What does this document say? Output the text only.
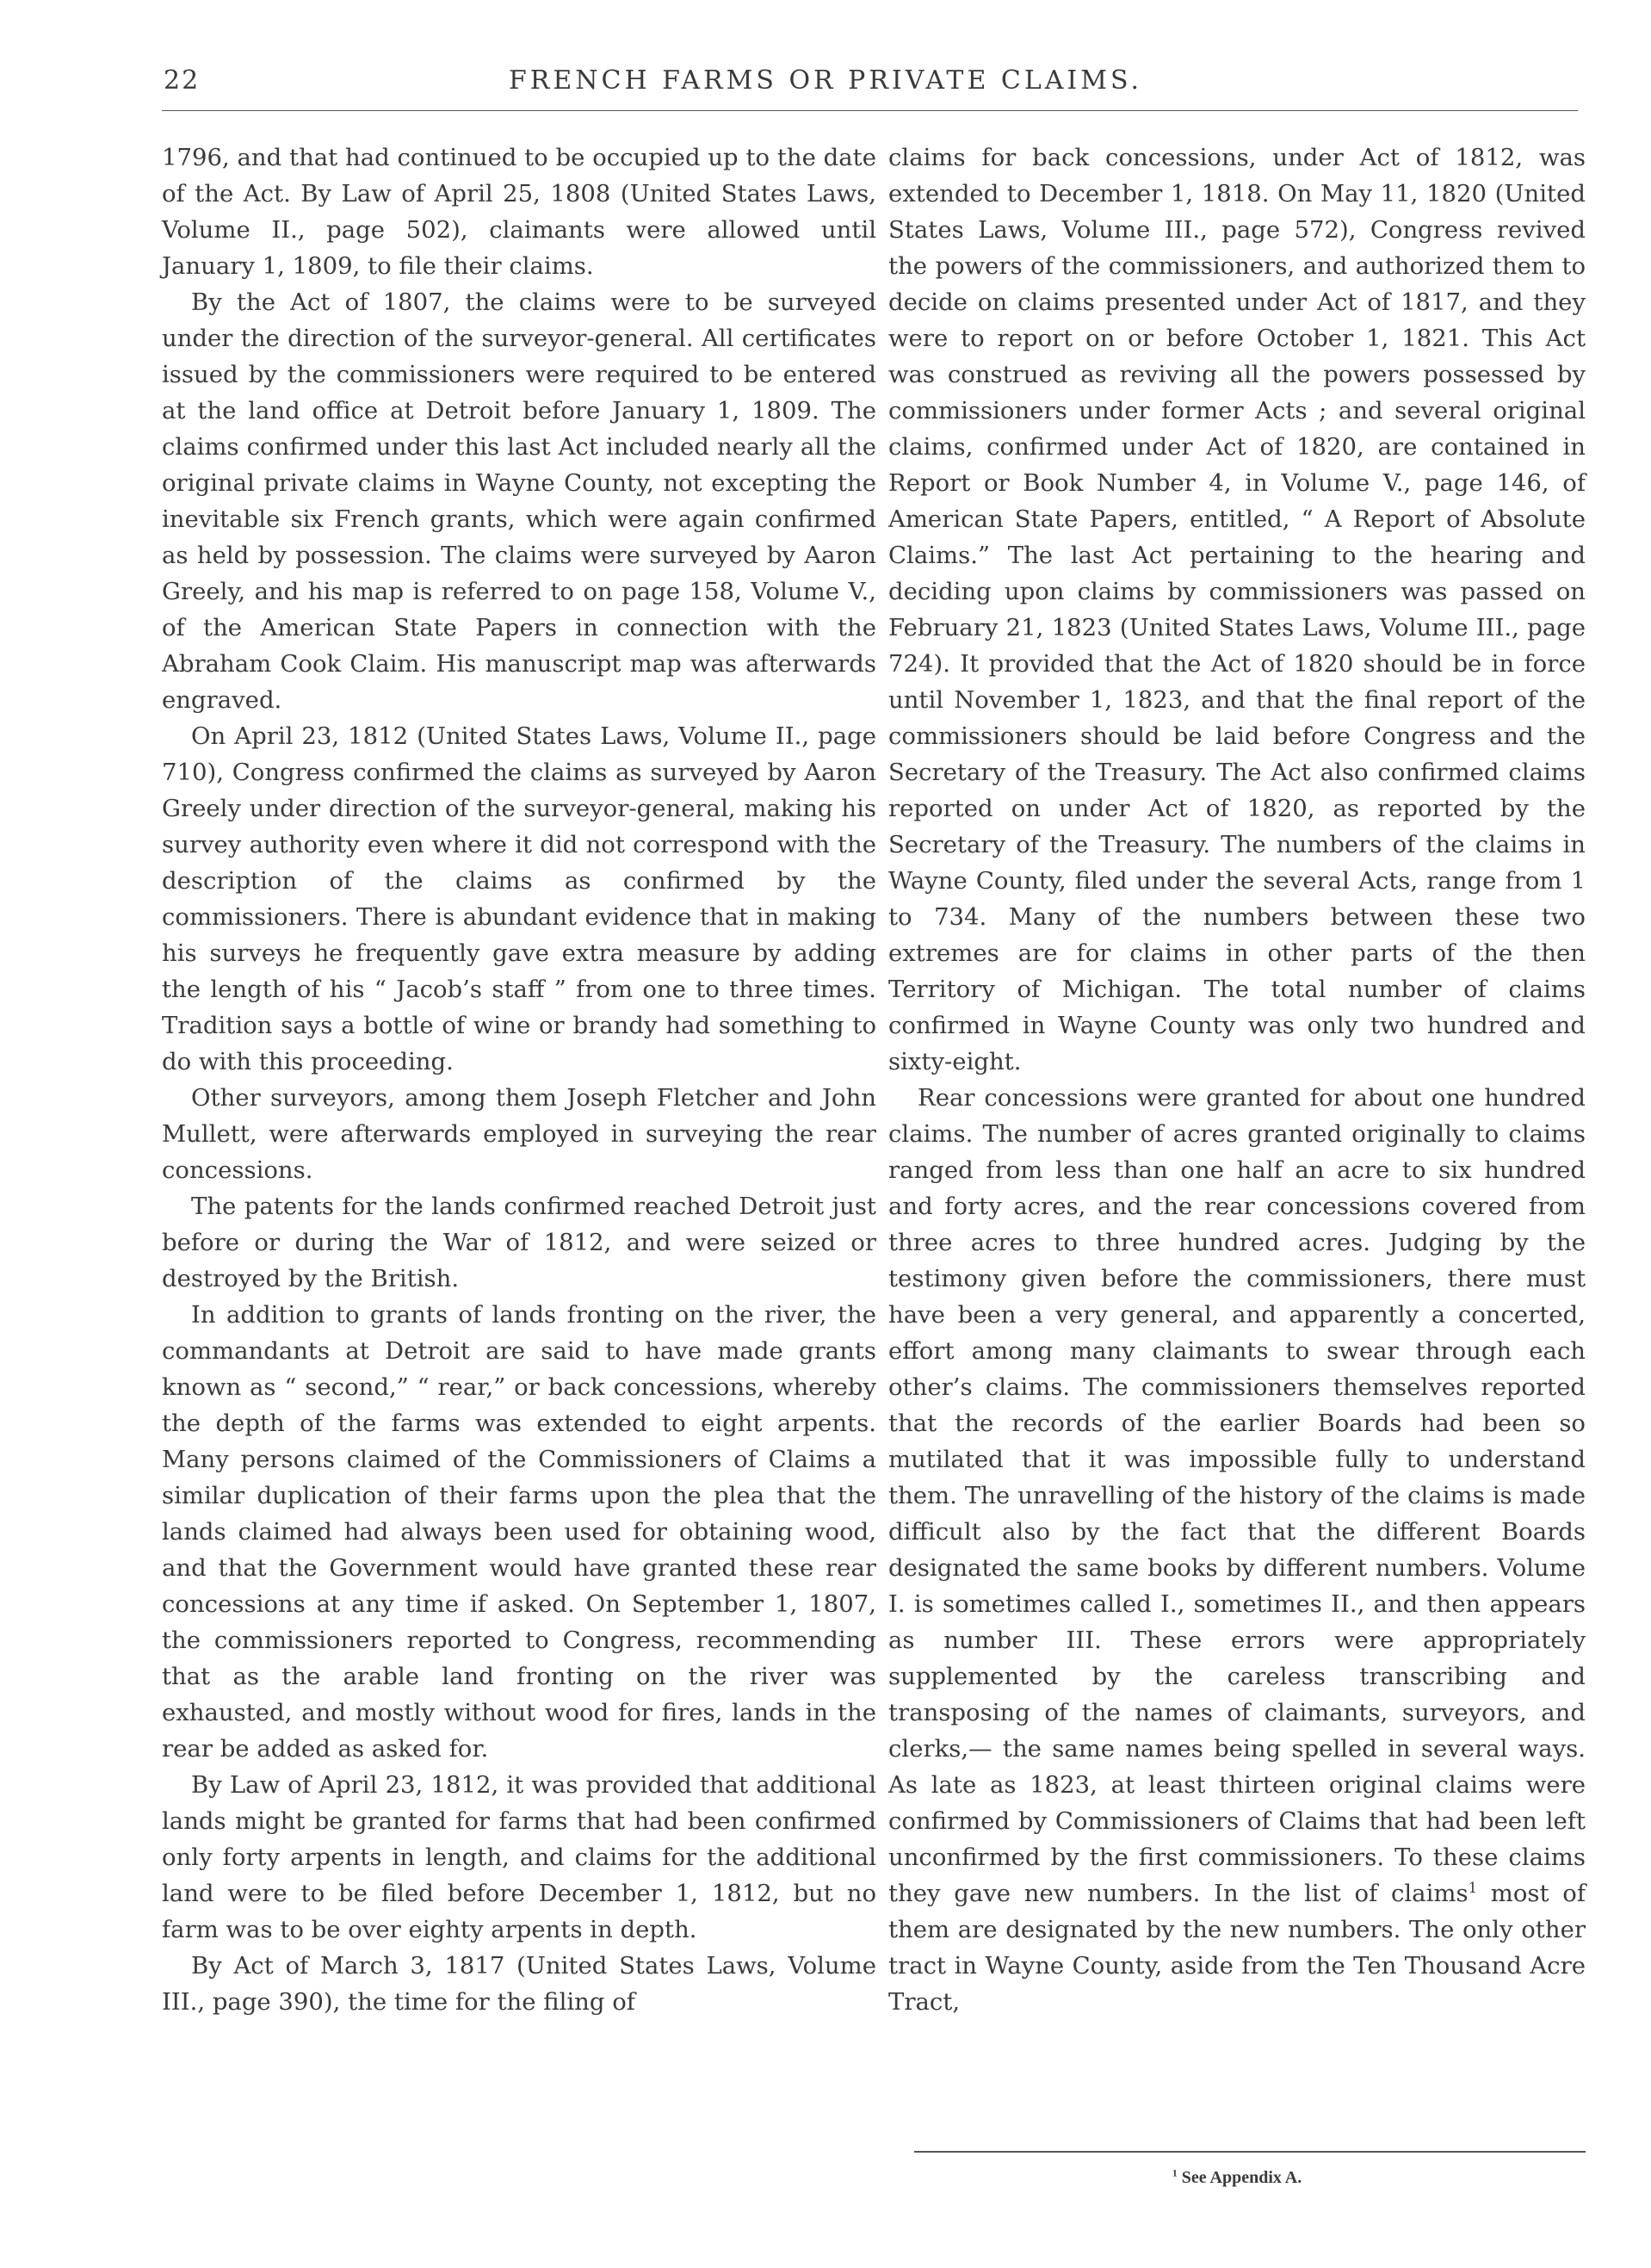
22	FRENCH FARMS OR PRIVATE CLAIMS.

1796, and that had continued to be occupied up to the date of the Act. By Law of April 25, 1808 (United States Laws, Volume II., page 502), claimants were allowed until January 1, 1809, to file their claims.

By the Act of 1807, the claims were to be surveyed under the direction of the surveyor-general. All certificates issued by the commissioners were required to be entered at the land office at Detroit before January 1, 1809. The claims confirmed under this last Act included nearly all the original private claims in Wayne County, not excepting the inevitable six French grants, which were again confirmed as held by possession. The claims were surveyed by Aaron Greely, and his map is referred to on page 158, Volume V., of the American State Papers in connection with the Abraham Cook Claim. His manuscript map was afterwards engraved.

On April 23, 1812 (United States Laws, Volume II., page 710), Congress confirmed the claims as surveyed by Aaron Greely under direction of the surveyor-general, making his survey authority even where it did not correspond with the description of the claims as confirmed by the commissioners. There is abundant evidence that in making his surveys he frequently gave extra measure by adding the length of his “ Jacob’s staff ” from one to three times. Tradition says a bottle of wine or brandy had something to do with this proceeding.

Other surveyors, among them Joseph Fletcher and John Mullett, were afterwards employed in surveying the rear concessions.

The patents for the lands confirmed reached Detroit just before or during the War of 1812, and were seized or destroyed by the British.

In addition to grants of lands fronting on the river, the commandants at Detroit are said to have made grants known as “ second,” “ rear,” or back concessions, whereby the depth of the farms was extended to eight arpents. Many persons claimed of the Commissioners of Claims a similar duplication of their farms upon the plea that the lands claimed had always been used for obtaining wood, and that the Government would have granted these rear concessions at any time if asked. On September 1, 1807, the commissioners reported to Congress, recommending that as the arable land fronting on the river was exhausted, and mostly without wood for fires, lands in the rear be added as asked for.

By Law of April 23, 1812, it was provided that additional lands might be granted for farms that had been confirmed only forty arpents in length, and claims for the additional land were to be filed before December 1, 1812, but no farm was to be over eighty arpents in depth.

By Act of March 3, 1817 (United States Laws, Volume III., page 390), the time for the filing of

claims for back concessions, under Act of 1812, was extended to December 1, 1818. On May 11, 1820 (United States Laws, Volume III., page 572), Congress revived the powers of the commissioners, and authorized them to decide on claims presented under Act of 1817, and they were to report on or before October 1, 1821. This Act was construed as reviving all the powers possessed by commissioners under former Acts ; and several original claims, confirmed under Act of 1820, are contained in Report or Book Number 4, in Volume V., page 146, of American State Papers, entitled, “ A Report of Absolute Claims.” The last Act pertaining to the hearing and deciding upon claims by commissioners was passed on February 21, 1823 (United States Laws, Volume III., page 724). It provided that the Act of 1820 should be in force until November 1, 1823, and that the final report of the commissioners should be laid before Congress and the Secretary of the Treasury. The Act also confirmed claims reported on under Act of 1820, as reported by the Secretary of the Treasury. The numbers of the claims in Wayne County, filed under the several Acts, range from 1 to 734. Many of the numbers between these two extremes are for claims in other parts of the then Territory of Michigan. The total number of claims confirmed in Wayne County was only two hundred and sixty-eight.

Rear concessions were granted for about one hundred claims. The number of acres granted originally to claims ranged from less than one half an acre to six hundred and forty acres, and the rear concessions covered from three acres to three hundred acres. Judging by the testimony given before the commissioners, there must have been a very general, and apparently a concerted, effort among many claimants to swear through each other’s claims. The commissioners themselves reported that the records of the earlier Boards had been so mutilated that it was impossible fully to understand them. The unravelling of the history of the claims is made difficult also by the fact that the different Boards designated the same books by different numbers. Volume I. is sometimes called I., sometimes II., and then appears as number III. These errors were appropriately supplemented by the careless transcribing and transposing of the names of claimants, surveyors, and clerks,— the same names being spelled in several ways. As late as 1823, at least thirteen original claims were confirmed by Commissioners of Claims that had been left unconfirmed by the first commissioners. To these claims they gave new numbers. In the list of claims$^1$ most of them are designated by the new numbers. The only other tract in Wayne County, aside from the Ten Thousand Acre Tract,

$^1$ See Appendix A.
